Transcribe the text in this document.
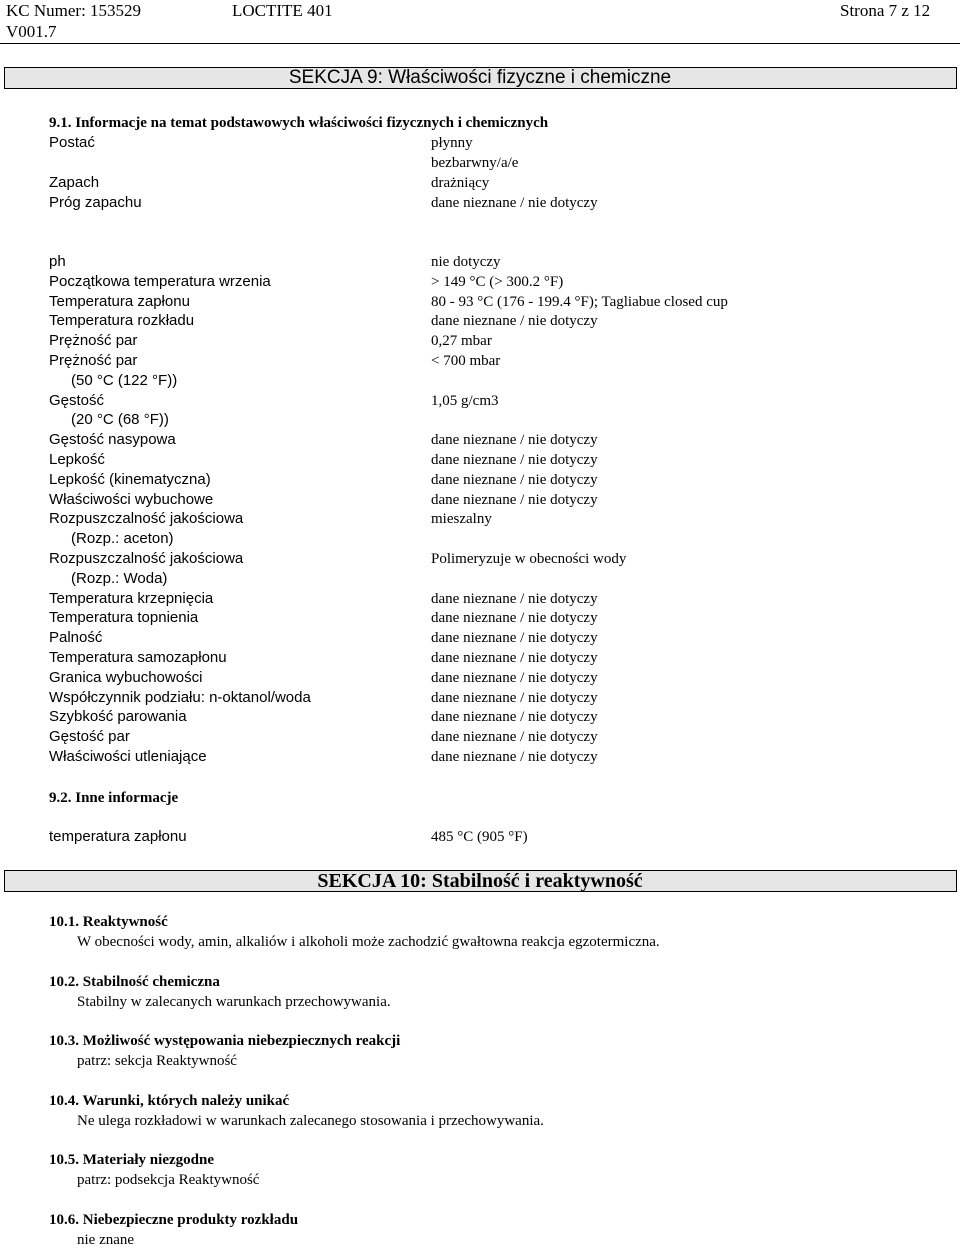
KC Numer: 153529	LOCTITE 401	Strona 7 z 12
V001.7
SEKCJA 9: Właściwości fizyczne i chemiczne
9.1. Informacje na temat podstawowych właściwości fizycznych i chemicznych
Postać	płynny
bezbarwny/a/e
Zapach	drażniący
Próg zapachu	dane nieznane / nie dotyczy
ph	nie dotyczy
Początkowa temperatura wrzenia	> 149 °C (> 300.2 °F)
Temperatura zapłonu	80 - 93 °C (176 - 199.4 °F); Tagliabue closed cup
Temperatura rozkładu	dane nieznane / nie dotyczy
Prężność par	0,27 mbar
Prężność par	< 700 mbar
(50 °C (122 °F))
Gęstość	1,05 g/cm3
(20 °C (68 °F))
Gęstość nasypowa	dane nieznane / nie dotyczy
Lepkość	dane nieznane / nie dotyczy
Lepkość (kinematyczna)	dane nieznane / nie dotyczy
Właściwości wybuchowe	dane nieznane / nie dotyczy
Rozpuszczalność jakościowa	mieszalny
(Rozp.: aceton)
Rozpuszczalność jakościowa	Polimeryzuje w obecności wody
(Rozp.: Woda)
Temperatura krzepnięcia	dane nieznane / nie dotyczy
Temperatura topnienia	dane nieznane / nie dotyczy
Palność	dane nieznane / nie dotyczy
Temperatura samozapłonu	dane nieznane / nie dotyczy
Granica wybuchowości	dane nieznane / nie dotyczy
Współczynnik podziału: n-oktanol/woda	dane nieznane / nie dotyczy
Szybkość parowania	dane nieznane / nie dotyczy
Gęstość par	dane nieznane / nie dotyczy
Właściwości utleniające	dane nieznane / nie dotyczy
9.2. Inne informacje
temperatura zapłonu	485 °C (905 °F)
SEKCJA 10: Stabilność i reaktywność
10.1. Reaktywność
W obecności wody, amin, alkaliów i alkoholi może zachodzić gwałtowna reakcja egzotermiczna.
10.2. Stabilność chemiczna
Stabilny w zalecanych warunkach przechowywania.
10.3. Możliwość występowania niebezpiecznych reakcji
patrz: sekcja Reaktywność
10.4. Warunki, których należy unikać
Ne ulega rozkładowi w warunkach zalecanego stosowania i przechowywania.
10.5. Materiały niezgodne
patrz: podsekcja Reaktywność
10.6. Niebezpieczne produkty rozkładu
nie znane
